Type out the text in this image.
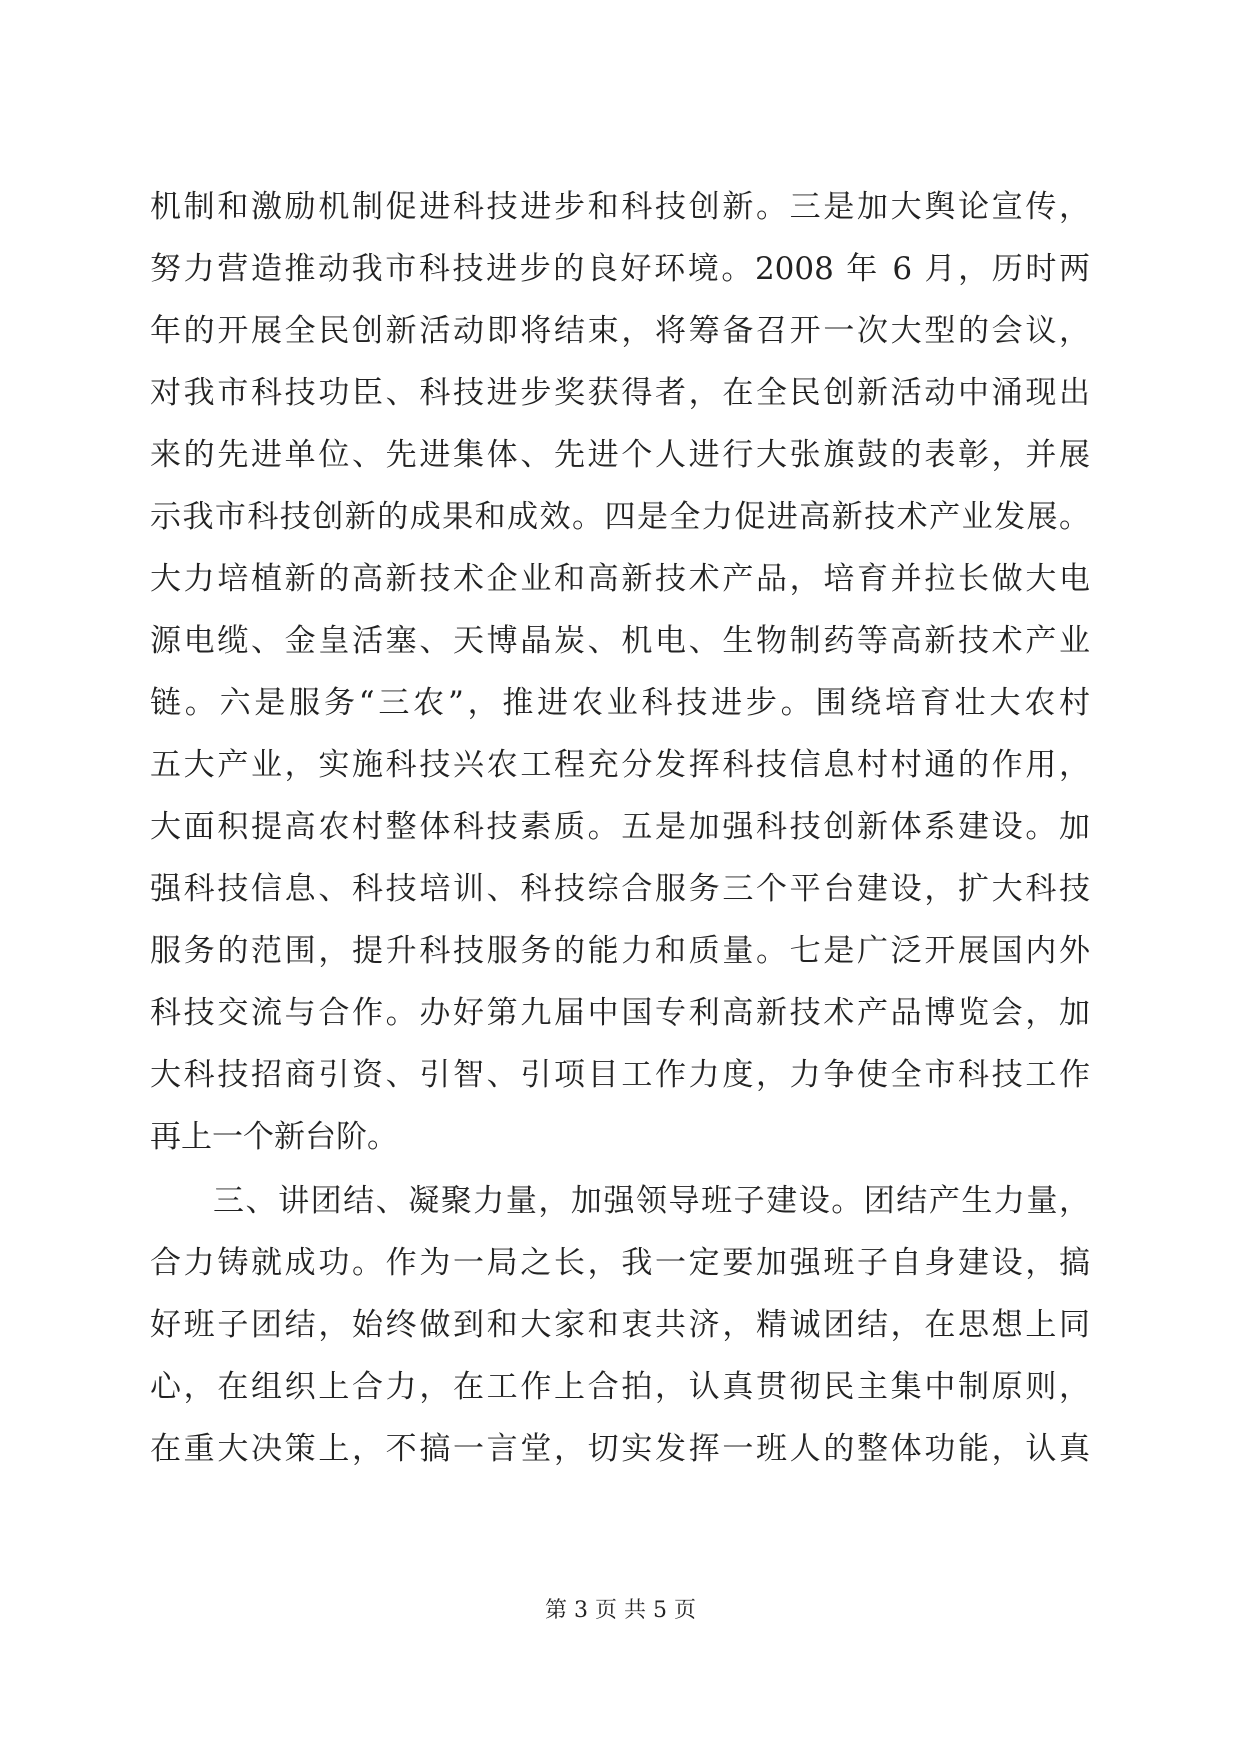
机制和激励机制促进科技进步和科技创新。三是加大舆论宣传，
努力营造推动我市科技进步的良好环境。2008 年 6 月，历时两
年的开展全民创新活动即将结束，将筹备召开一次大型的会议，
对我市科技功臣、科技进步奖获得者，在全民创新活动中涌现出
来的先进单位、先进集体、先进个人进行大张旗鼓的表彰，并展
示我市科技创新的成果和成效。四是全力促进高新技术产业发展。
大力培植新的高新技术企业和高新技术产品，培育并拉长做大电
源电缆、金皇活塞、天博晶炭、机电、生物制药等高新技术产业
链。六是服务“三农”，推进农业科技进步。围绕培育壮大农村
五大产业，实施科技兴农工程充分发挥科技信息村村通的作用，
大面积提高农村整体科技素质。五是加强科技创新体系建设。加
强科技信息、科技培训、科技综合服务三个平台建设，扩大科技
服务的范围，提升科技服务的能力和质量。七是广泛开展国内外
科技交流与合作。办好第九届中国专利高新技术产品博览会，加
大科技招商引资、引智、引项目工作力度，力争使全市科技工作
再上一个新台阶。
三、讲团结、凝聚力量，加强领导班子建设。团结产生力量，
合力铸就成功。作为一局之长，我一定要加强班子自身建设，搞
好班子团结，始终做到和大家和衷共济，精诚团结，在思想上同
心，在组织上合力，在工作上合拍，认真贯彻民主集中制原则，
在重大决策上，不搞一言堂，切实发挥一班人的整体功能，认真
第 3 页 共 5 页
